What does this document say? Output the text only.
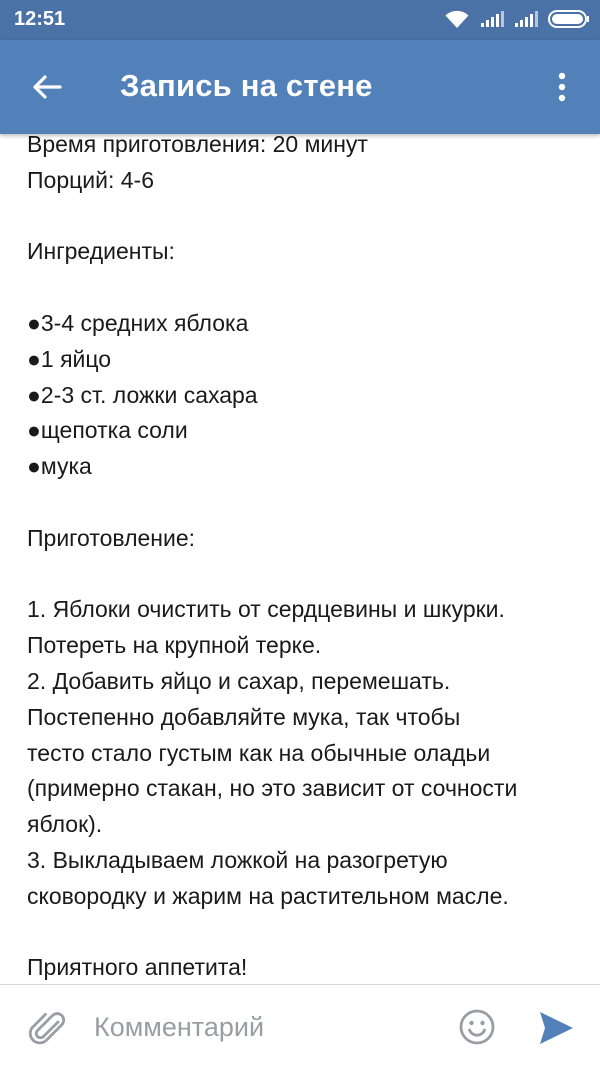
12:51
Запись на стене
Время приготовления: 20 минут
Порций: 4-6

Ингредиенты:

●3-4 средних яблока
●1 яйцо
●2-3 ст. ложки сахара
●щепотка соли
●мука

Приготовление:

1. Яблоки очистить от сердцевины и шкурки.
Потереть на крупной терке.
2. Добавить яйцо и сахар, перемешать.
Постепенно добавляйте мука, так чтобы
тесто стало густым как на обычные оладьи
(примерно стакан, но это зависит от сочности
яблок).
3. Выкладываем ложкой на разогретую
сковородку и жарим на растительном масле.

Приятного аппетита!
Комментарий
